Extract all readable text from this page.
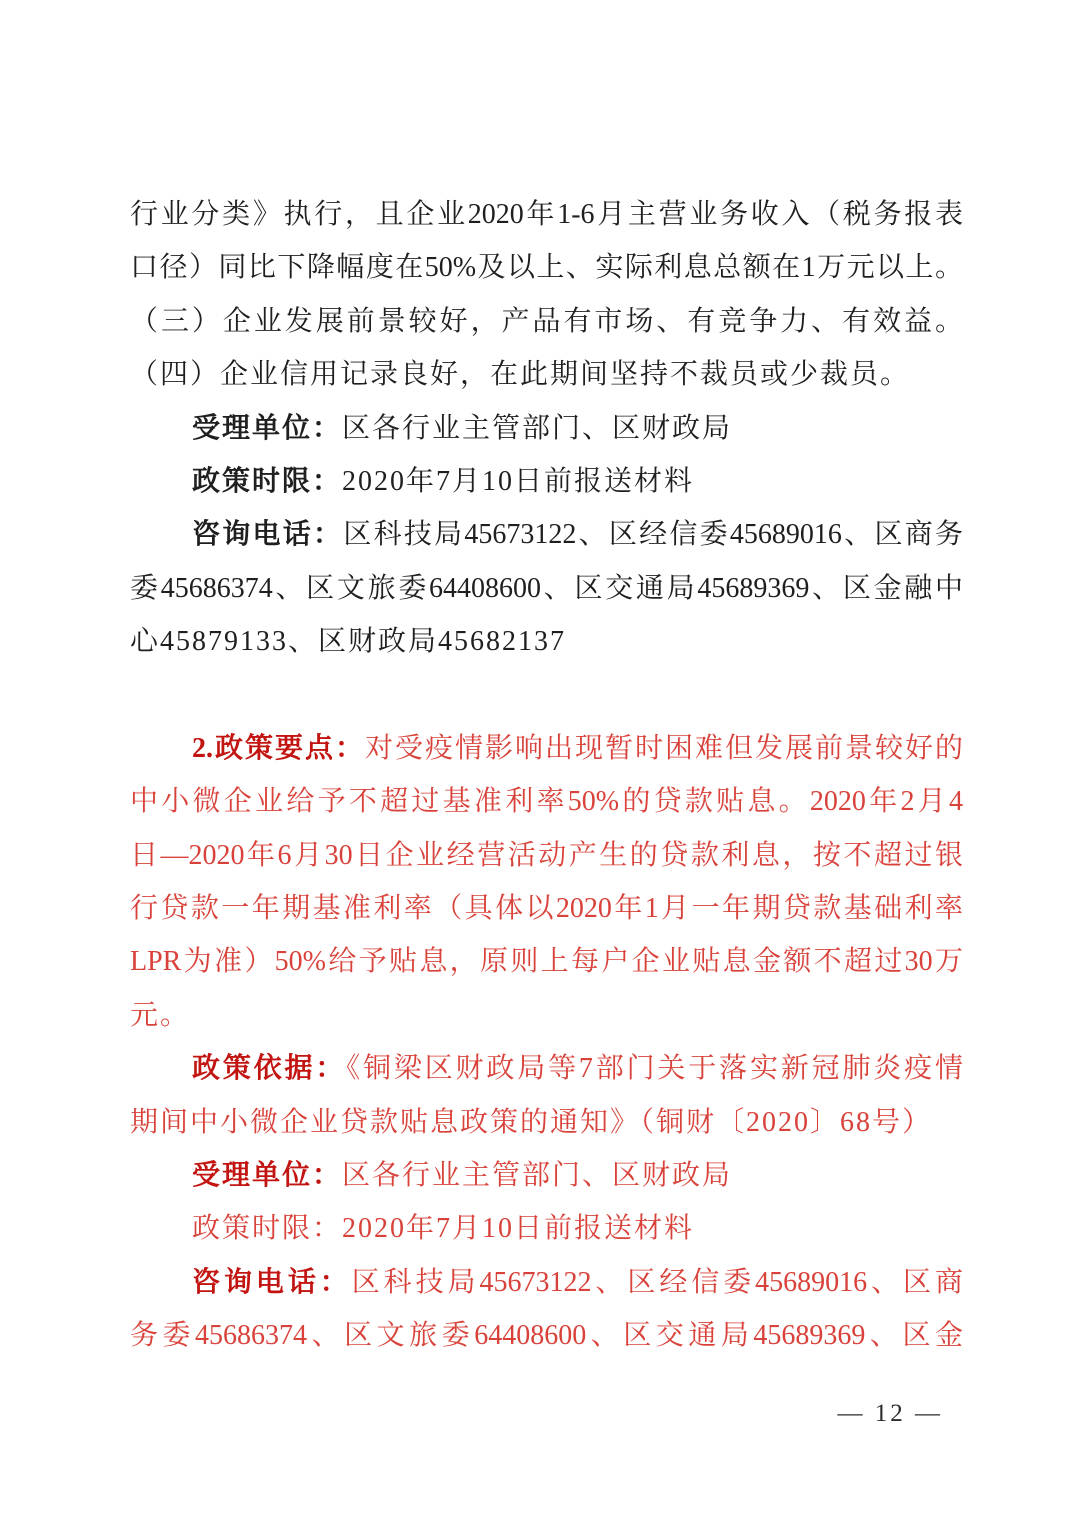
行业分类》执行，且企业2020年1-6月主营业务收入（税务报表
口径）同比下降幅度在50%及以上、实际利息总额在1万元以上。
（三）企业发展前景较好，产品有市场、有竞争力、有效益。
（四）企业信用记录良好，在此期间坚持不裁员或少裁员。
受理单位：区各行业主管部门、区财政局
政策时限：2020年7月10日前报送材料
咨询电话：区科技局45673122、区经信委45689016、区商务
委45686374、区文旅委64408600、区交通局45689369、区金融中
心45879133、区财政局45682137
2.政策要点：对受疫情影响出现暂时困难但发展前景较好的
中小微企业给予不超过基准利率50%的贷款贴息。2020年2月4
日—2020年6月30日企业经营活动产生的贷款利息，按不超过银
行贷款一年期基准利率（具体以2020年1月一年期贷款基础利率
LPR为准）50%给予贴息，原则上每户企业贴息金额不超过30万
元。
政策依据：《铜梁区财政局等7部门关于落实新冠肺炎疫情
期间中小微企业贷款贴息政策的通知》（铜财〔2020〕68号）
受理单位：区各行业主管部门、区财政局
政策时限：2020年7月10日前报送材料
咨询电话：区科技局45673122、区经信委45689016、区商
务委45686374、区文旅委64408600、区交通局45689369、区金
— 12 —
